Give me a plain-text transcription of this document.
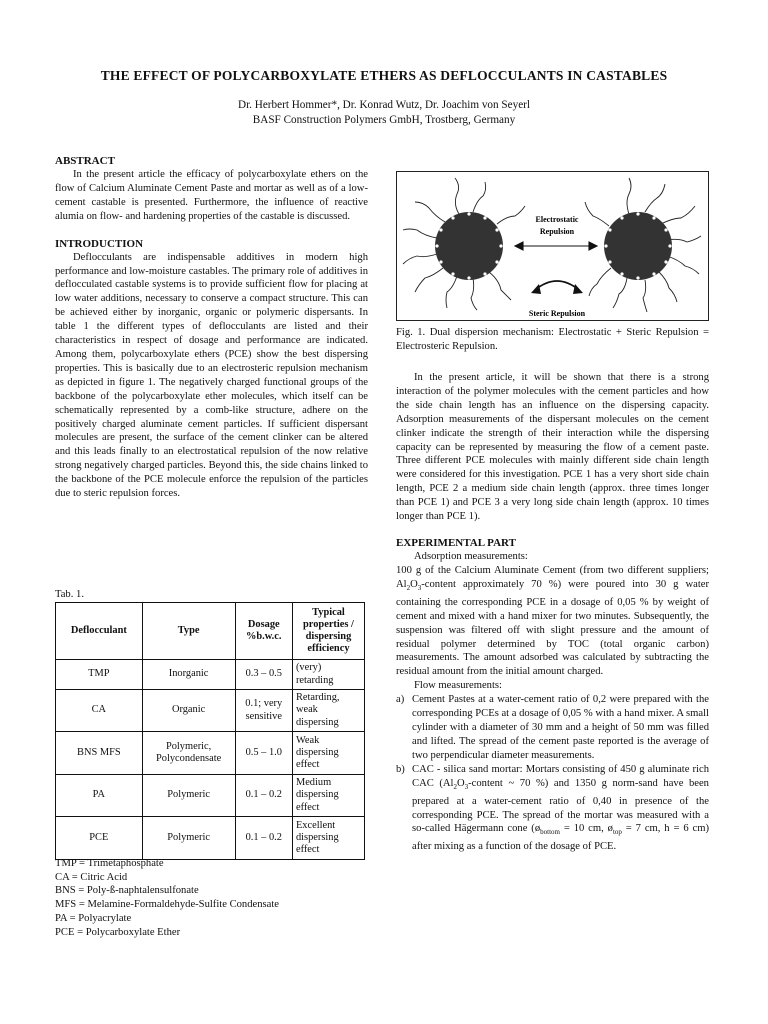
THE EFFECT OF POLYCARBOXYLATE ETHERS AS DEFLOCCULANTS IN CASTABLES
Dr. Herbert Hommer*, Dr. Konrad Wutz, Dr. Joachim von Seyerl
BASF Construction Polymers GmbH, Trostberg, Germany

ABSTRACT

In the present article the efficacy of polycarboxylate ethers on the flow of Calcium Aluminate Cement Paste and mortar as well as of a low-cement castable is presented. Furthermore, the influence of reactive alumia on flow- and hardening properties of the castable is discussed.

INTRODUCTION

Deflocculants are indispensable additives in modern high performance and low-moisture castables. The primary role of additives in deflocculated castable systems is to provide sufficient flow for placing at low water additions, necessary to conserve a compact structure. This can be achieved either by inorganic, organic or polymeric dispersants. In table 1 the different types of deflocculants are listed and their characteristics in respect of dosage and performance are indicated. Among them, polycarboxylate ethers (PCE) show the best dispersing properties. This is basically due to an electrosteric repulsion mechanism as depicted in figure 1. The negatively charged functional groups of the backbone of the polycarboxylate ether molecules, which itself can be schematically represented by a comb-like structure, adhere on the positively charged aluminate cement particles. If sufficient dispersant molecules are present, the surface of the cement clinker can be altered and this leads finally to an electrostatical repulsion of the now relative strong negatively charged particles. Beyond this, the side chains linked to the backbone of the PCE molecule enforce the repulsion of the particles due to steric repulsion forces.

Tab. 1.
Deflocculant	Type	Dosage %b.w.c.	Typical properties / dispersing efficiency
TMP	Inorganic	0.3 – 0.5	(very) retarding
CA	Organic	0.1; very sensitive	Retarding, weak dispersing
BNS MFS	Polymeric, Polycondensate	0.5 – 1.0	Weak dispersing effect
PA	Polymeric	0.1 – 0.2	Medium dispersing effect
PCE	Polymeric	0.1 – 0.2	Excellent dispersing effect
TMP = Trimetaphosphate
CA = Citric Acid
BNS = Poly-ß-naphtalensulfonate
MFS = Melamine-Formaldehyde-Sulfite Condensate
PA = Polyacrylate
PCE = Polycarboxylate Ether
Electrostatic
Repulsion
Steric Repulsion
Fig. 1. Dual dispersion mechanism: Electrostatic + Steric Repulsion = Electrosteric Repulsion.

In the present article, it will be shown that there is a strong interaction of the polymer molecules with the cement particles and how the side chain length has an influence on the dispersing capacity. Adsorption measurements of the dispersant molecules on the cement clinker indicate the strength of their interaction while the dispersing capacity can be represented by measuring the flow of a cement paste. Three different PCE molecules with mainly different side chain length were considered for this investigation. PCE 1 has a very short side chain length, PCE 2 a medium side chain length (approx. three times longer than PCE 1) and PCE 3 a very long side chain length (approx. 10 times longer than PCE 1).

EXPERIMENTAL PART

Adsorption measurements:

100 g of the Calcium Aluminate Cement (from two different suppliers; $Al_2O_3$-content approximately 70 %) were poured into 30 g water containing the corresponding PCE in a dosage of 0,05 % by weight of cement and mixed with a hand mixer for two minutes. Subsequently, the suspension was filtered off with slight pressure and the amount of residual polymer determined by TOC (total organic carbon) measurements. The amount adsorbed was calculated by subtracting the residual amount from the initial amount charged.

Flow measurements:

a) Cement Pastes at a water-cement ratio of 0,2 were prepared with the corresponding PCEs at a dosage of 0,05 % with a hand mixer. A small cylinder with a diameter of 30 mm and a height of 50 mm was filled and lifted. The spread of the cement paste reported is the average of two perpendicular diameter measurements.
b) CAC - silica sand mortar: Mortars consisting of 450 g aluminate rich CAC ($Al_2O_3$-content ~ 70 %) and 1350 g norm-sand have been prepared at a water-cement ratio of 0,40 in presence of the corresponding PCE. The spread of the mortar was measured with a so-called Hägermann cone ($ø_{bottom} = 10$ cm, $ø_{top} = 7$ cm, h = 6 cm) after mixing as a function of the dosage of PCE.
